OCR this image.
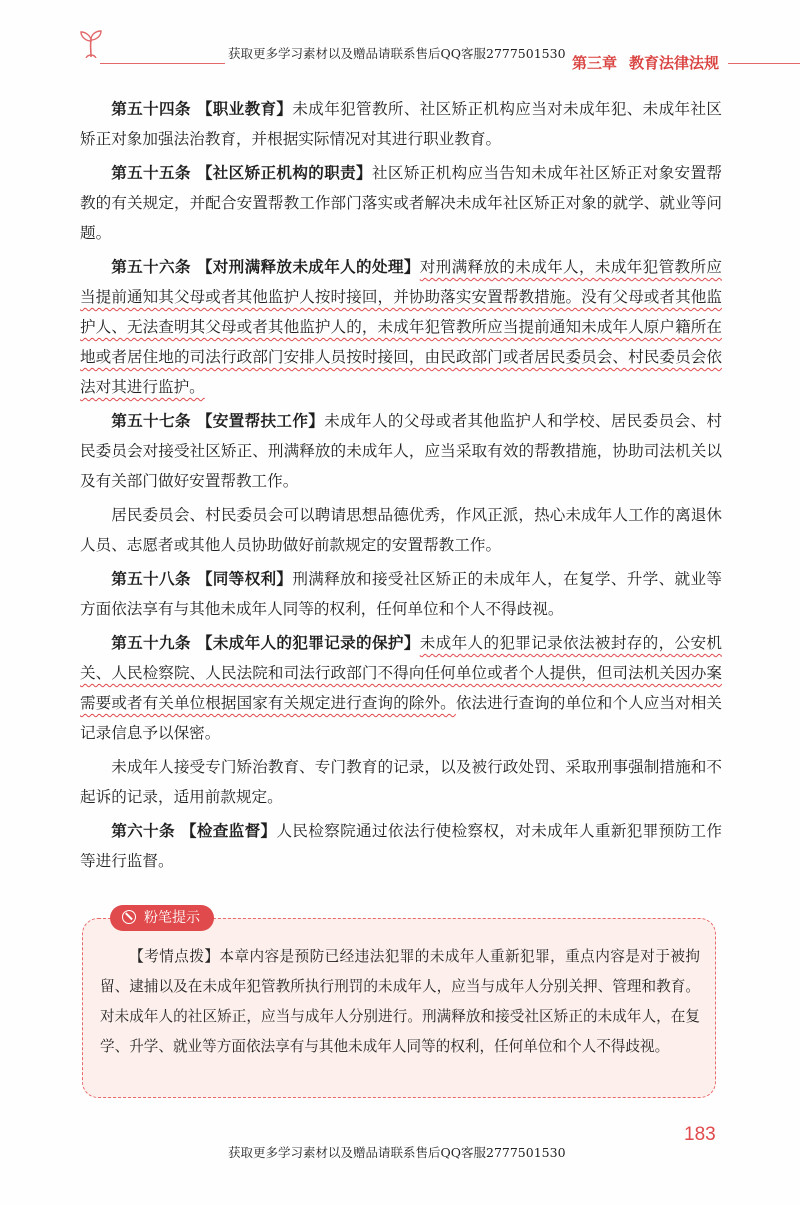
获取更多学习素材以及赠品请联系售后QQ客服2777501530
第三章 教育法律法规

第五十四条 【职业教育】未成年犯管教所、社区矫正机构应当对未成年犯、未成年社区矫正对象加强法治教育，并根据实际情况对其进行职业教育。

第五十五条 【社区矫正机构的职责】社区矫正机构应当告知未成年社区矫正对象安置帮教的有关规定，并配合安置帮教工作部门落实或者解决未成年社区矫正对象的就学、就业等问题。

第五十六条 【对刑满释放未成年人的处理】对刑满释放的未成年人，未成年犯管教所应当提前通知其父母或者其他监护人按时接回，并协助落实安置帮教措施。没有父母或者其他监护人、无法查明其父母或者其他监护人的，未成年犯管教所应当提前通知未成年人原户籍所在地或者居住地的司法行政部门安排人员按时接回，由民政部门或者居民委员会、村民委员会依法对其进行监护。

第五十七条 【安置帮扶工作】未成年人的父母或者其他监护人和学校、居民委员会、村民委员会对接受社区矫正、刑满释放的未成年人，应当采取有效的帮教措施，协助司法机关以及有关部门做好安置帮教工作。

居民委员会、村民委员会可以聘请思想品德优秀，作风正派，热心未成年人工作的离退休人员、志愿者或其他人员协助做好前款规定的安置帮教工作。

第五十八条 【同等权利】刑满释放和接受社区矫正的未成年人，在复学、升学、就业等方面依法享有与其他未成年人同等的权利，任何单位和个人不得歧视。

第五十九条 【未成年人的犯罪记录的保护】未成年人的犯罪记录依法被封存的，公安机关、人民检察院、人民法院和司法行政部门不得向任何单位或者个人提供，但司法机关因办案需要或者有关单位根据国家有关规定进行查询的除外。依法进行查询的单位和个人应当对相关记录信息予以保密。

未成年人接受专门矫治教育、专门教育的记录，以及被行政处罚、采取刑事强制措施和不起诉的记录，适用前款规定。

第六十条 【检查监督】人民检察院通过依法行使检察权，对未成年人重新犯罪预防工作等进行监督。

粉笔提示
【考情点拨】本章内容是预防已经违法犯罪的未成年人重新犯罪，重点内容是对于被拘留、逮捕以及在未成年犯管教所执行刑罚的未成年人，应当与成年人分别关押、管理和教育。对未成年人的社区矫正，应当与成年人分别进行。刑满释放和接受社区矫正的未成年人，在复学、升学、就业等方面依法享有与其他未成年人同等的权利，任何单位和个人不得歧视。
183
获取更多学习素材以及赠品请联系售后QQ客服2777501530
